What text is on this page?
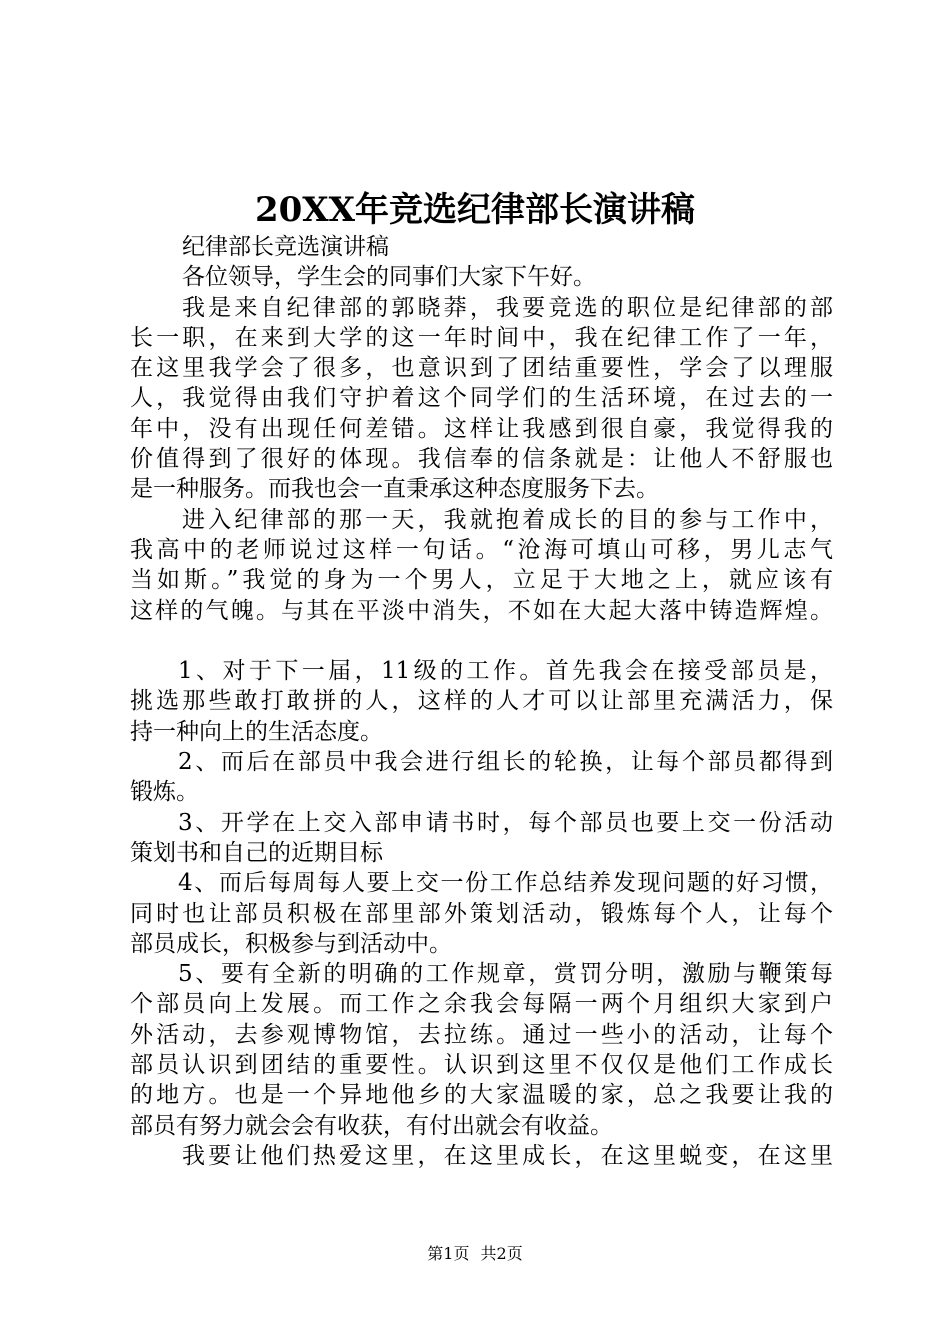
20XX年竞选纪律部长演讲稿
纪律部长竞选演讲稿
各位领导，学生会的同事们大家下午好。
我是来自纪律部的郭晓莽，我要竞选的职位是纪律部的部
长一职，在来到大学的这一年时间中，我在纪律工作了一年，
在这里我学会了很多，也意识到了团结重要性，学会了以理服
人，我觉得由我们守护着这个同学们的生活环境，在过去的一
年中，没有出现任何差错。这样让我感到很自豪，我觉得我的
价值得到了很好的体现。我信奉的信条就是：让他人不舒服也
是一种服务。而我也会一直秉承这种态度服务下去。
进入纪律部的那一天，我就抱着成长的目的参与工作中，
我高中的老师说过这样一句话。“沧海可填山可移，男儿志气
当如斯。”我觉的身为一个男人，立足于大地之上，就应该有
这样的气魄。与其在平淡中消失，不如在大起大落中铸造辉煌。
1、对于下一届，11级的工作。首先我会在接受部员是，
挑选那些敢打敢拼的人，这样的人才可以让部里充满活力，保
持一种向上的生活态度。
2、而后在部员中我会进行组长的轮换，让每个部员都得到
锻炼。
3、开学在上交入部申请书时，每个部员也要上交一份活动
策划书和自己的近期目标
4、而后每周每人要上交一份工作总结养发现问题的好习惯，
同时也让部员积极在部里部外策划活动，锻炼每个人，让每个
部员成长，积极参与到活动中。
5、要有全新的明确的工作规章，赏罚分明，激励与鞭策每
个部员向上发展。而工作之余我会每隔一两个月组织大家到户
外活动，去参观博物馆，去拉练。通过一些小的活动，让每个
部员认识到团结的重要性。认识到这里不仅仅是他们工作成长
的地方。也是一个异地他乡的大家温暖的家，总之我要让我的
部员有努力就会会有收获，有付出就会有收益。
我要让他们热爱这里，在这里成长，在这里蜕变，在这里
第1页 共2页
